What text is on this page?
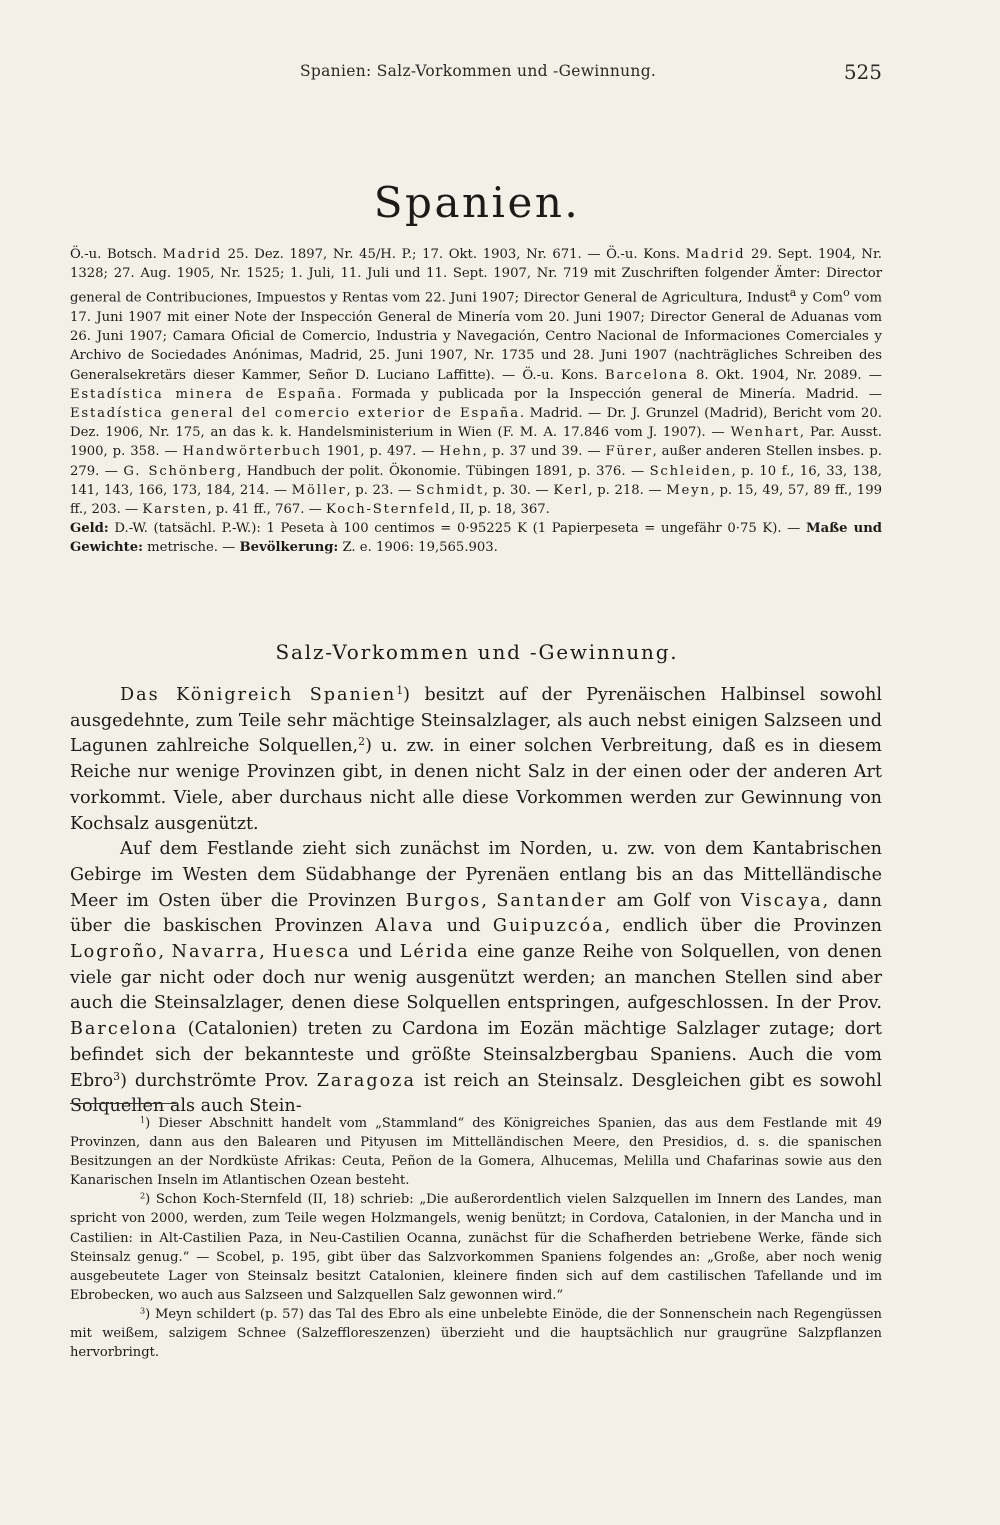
Spanien: Salz-Vorkommen und -Gewinnung.	525
Spanien.

Ö.-u. Botsch. Madrid 25. Dez. 1897, Nr. 45/H. P.; 17. Okt. 1903, Nr. 671. — Ö.-u. Kons. Madrid 29. Sept. 1904, Nr. 1328; 27. Aug. 1905, Nr. 1525; 1. Juli, 11. Juli und 11. Sept. 1907, Nr. 719 mit Zuschriften folgender Ämter: Director general de Contribuciones, Impuestos y Rentas vom 22. Juni 1907; Director General de Agricultura, Indust$^a$ y Com$^o$ vom 17. Juni 1907 mit einer Note der Inspección General de Minería vom 20. Juni 1907; Director General de Aduanas vom 26. Juni 1907; Camara Oficial de Comercio, Industria y Navegación, Centro Nacional de Informaciones Comerciales y Archivo de Sociedades Anónimas, Madrid, 25. Juni 1907, Nr. 1735 und 28. Juni 1907 (nachträgliches Schreiben des Generalsekretärs dieser Kammer, Señor D. Luciano Laffitte). — Ö.-u. Kons. Barcelona 8. Okt. 1904, Nr. 2089. — Estadística minera de España. Formada y publicada por la Inspección general de Minería. Madrid. — Estadística general del comercio exterior de España. Madrid. — Dr. J. Grunzel (Madrid), Bericht vom 20. Dez. 1906, Nr. 175, an das k. k. Handelsministerium in Wien (F. M. A. 17.846 vom J. 1907). — Wenhart, Par. Ausst. 1900, p. 358. — Handwörterbuch 1901, p. 497. — Hehn, p. 37 und 39. — Fürer, außer anderen Stellen insbes. p. 279. — G. Schönberg, Handbuch der polit. Ökonomie. Tübingen 1891, p. 376. — Schleiden, p. 10 f., 16, 33, 138, 141, 143, 166, 173, 184, 214. — Möller, p. 23. — Schmidt, p. 30. — Kerl, p. 218. — Meyn, p. 15, 49, 57, 89 ff., 199 ff., 203. — Karsten, p. 41 ff., 767. — Koch-Sternfeld, II, p. 18, 367.

Geld: D.-W. (tatsächl. P.-W.): 1 Peseta à 100 centimos = 0·95225 K (1 Papierpeseta = ungefähr 0·75 K). — Maße und Gewichte: metrische. — Bevölkerung: Z. e. 1906: 19,565.903.

Salz-Vorkommen und -Gewinnung.

Das Königreich Spanien$^1$) besitzt auf der Pyrenäischen Halbinsel sowohl ausgedehnte, zum Teile sehr mächtige Steinsalzlager, als auch nebst einigen Salzseen und Lagunen zahlreiche Solquellen,$^2$) u. zw. in einer solchen Verbreitung, daß es in diesem Reiche nur wenige Provinzen gibt, in denen nicht Salz in der einen oder der anderen Art vorkommt. Viele, aber durchaus nicht alle diese Vorkommen werden zur Gewinnung von Kochsalz ausgenützt.

Auf dem Festlande zieht sich zunächst im Norden, u. zw. von dem Kantabrischen Gebirge im Westen dem Südabhange der Pyrenäen entlang bis an das Mittelländische Meer im Osten über die Provinzen Burgos, Santander am Golf von Viscaya, dann über die baskischen Provinzen Alava und Guipuzcóa, endlich über die Provinzen Logroño, Navarra, Huesca und Lérida eine ganze Reihe von Solquellen, von denen viele gar nicht oder doch nur wenig ausgenützt werden; an manchen Stellen sind aber auch die Steinsalzlager, denen diese Solquellen entspringen, aufgeschlossen. In der Prov. Barcelona (Catalonien) treten zu Cardona im Eozän mächtige Salzlager zutage; dort befindet sich der bekannteste und größte Steinsalzbergbau Spaniens. Auch die vom Ebro$^3$) durchströmte Prov. Zaragoza ist reich an Steinsalz. Desgleichen gibt es sowohl Solquellen als auch Stein-

$^1$) Dieser Abschnitt handelt vom „Stammland“ des Königreiches Spanien, das aus dem Festlande mit 49 Provinzen, dann aus den Balearen und Pityusen im Mittelländischen Meere, den Presidios, d. s. die spanischen Besitzungen an der Nordküste Afrikas: Ceuta, Peñon de la Gomera, Alhucemas, Melilla und Chafarinas sowie aus den Kanarischen Inseln im Atlantischen Ozean besteht.

$^2$) Schon Koch-Sternfeld (II, 18) schrieb: „Die außerordentlich vielen Salzquellen im Innern des Landes, man spricht von 2000, werden, zum Teile wegen Holzmangels, wenig benützt; in Cordova, Catalonien, in der Mancha und in Castilien: in Alt-Castilien Paza, in Neu-Castilien Ocanna, zunächst für die Schafherden betriebene Werke, fände sich Steinsalz genug.“ — Scobel, p. 195, gibt über das Salzvorkommen Spaniens folgendes an: „Große, aber noch wenig ausgebeutete Lager von Steinsalz besitzt Catalonien, kleinere finden sich auf dem castilischen Tafellande und im Ebrobecken, wo auch aus Salzseen und Salzquellen Salz gewonnen wird.“

$^3$) Meyn schildert (p. 57) das Tal des Ebro als eine unbelebte Einöde, die der Sonnenschein nach Regengüssen mit weißem, salzigem Schnee (Salzeffloreszenzen) überzieht und die hauptsächlich nur graugrüne Salzpflanzen hervorbringt.
